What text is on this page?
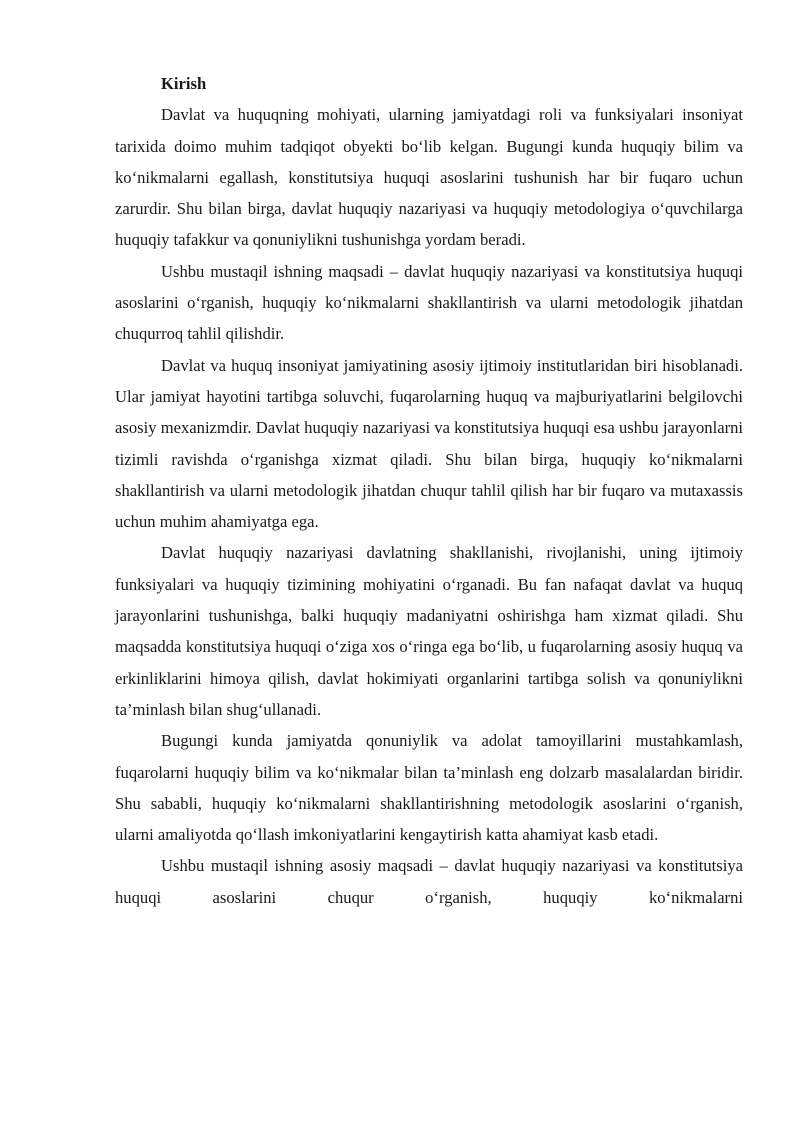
Kirish

Davlat va huquqning mohiyati, ularning jamiyatdagi roli va funksiyalari insoniyat tarixida doimo muhim tadqiqot obyekti bo‘lib kelgan. Bugungi kunda huquqiy bilim va ko‘nikmalarni egallash, konstitutsiya huquqi asoslarini tushunish har bir fuqaro uchun zarurdir. Shu bilan birga, davlat huquqiy nazariyasi va huquqiy metodologiya o‘quvchilarga huquqiy tafakkur va qonuniylikni tushunishga yordam beradi.

Ushbu mustaqil ishning maqsadi – davlat huquqiy nazariyasi va konstitutsiya huquqi asoslarini o‘rganish, huquqiy ko‘nikmalarni shakllantirish va ularni metodologik jihatdan chuqurroq tahlil qilishdir.

Davlat va huquq insoniyat jamiyatining asosiy ijtimoiy institutlaridan biri hisoblanadi. Ular jamiyat hayotini tartibga soluvchi, fuqarolarning huquq va majburiyatlarini belgilovchi asosiy mexanizmdir. Davlat huquqiy nazariyasi va konstitutsiya huquqi esa ushbu jarayonlarni tizimli ravishda o‘rganishga xizmat qiladi. Shu bilan birga, huquqiy ko‘nikmalarni shakllantirish va ularni metodologik jihatdan chuqur tahlil qilish har bir fuqaro va mutaxassis uchun muhim ahamiyatga ega.

Davlat huquqiy nazariyasi davlatning shakllanishi, rivojlanishi, uning ijtimoiy funksiyalari va huquqiy tizimining mohiyatini o‘rganadi. Bu fan nafaqat davlat va huquq jarayonlarini tushunishga, balki huquqiy madaniyatni oshirishga ham xizmat qiladi. Shu maqsadda konstitutsiya huquqi o‘ziga xos o‘ringa ega bo‘lib, u fuqarolarning asosiy huquq va erkinliklarini himoya qilish, davlat hokimiyati organlarini tartibga solish va qonuniylikni ta’minlash bilan shug‘ullanadi.

Bugungi kunda jamiyatda qonuniylik va adolat tamoyillarini mustahkamlash, fuqarolarni huquqiy bilim va ko‘nikmalar bilan ta’minlash eng dolzarb masalalardan biridir. Shu sababli, huquqiy ko‘nikmalarni shakllantirishning metodologik asoslarini o‘rganish, ularni amaliyotda qo‘llash imkoniyatlarini kengaytirish katta ahamiyat kasb etadi.

Ushbu mustaqil ishning asosiy maqsadi – davlat huquqiy nazariyasi va konstitutsiya huquqi asoslarini chuqur o‘rganish, huquqiy ko‘nikmalarni
